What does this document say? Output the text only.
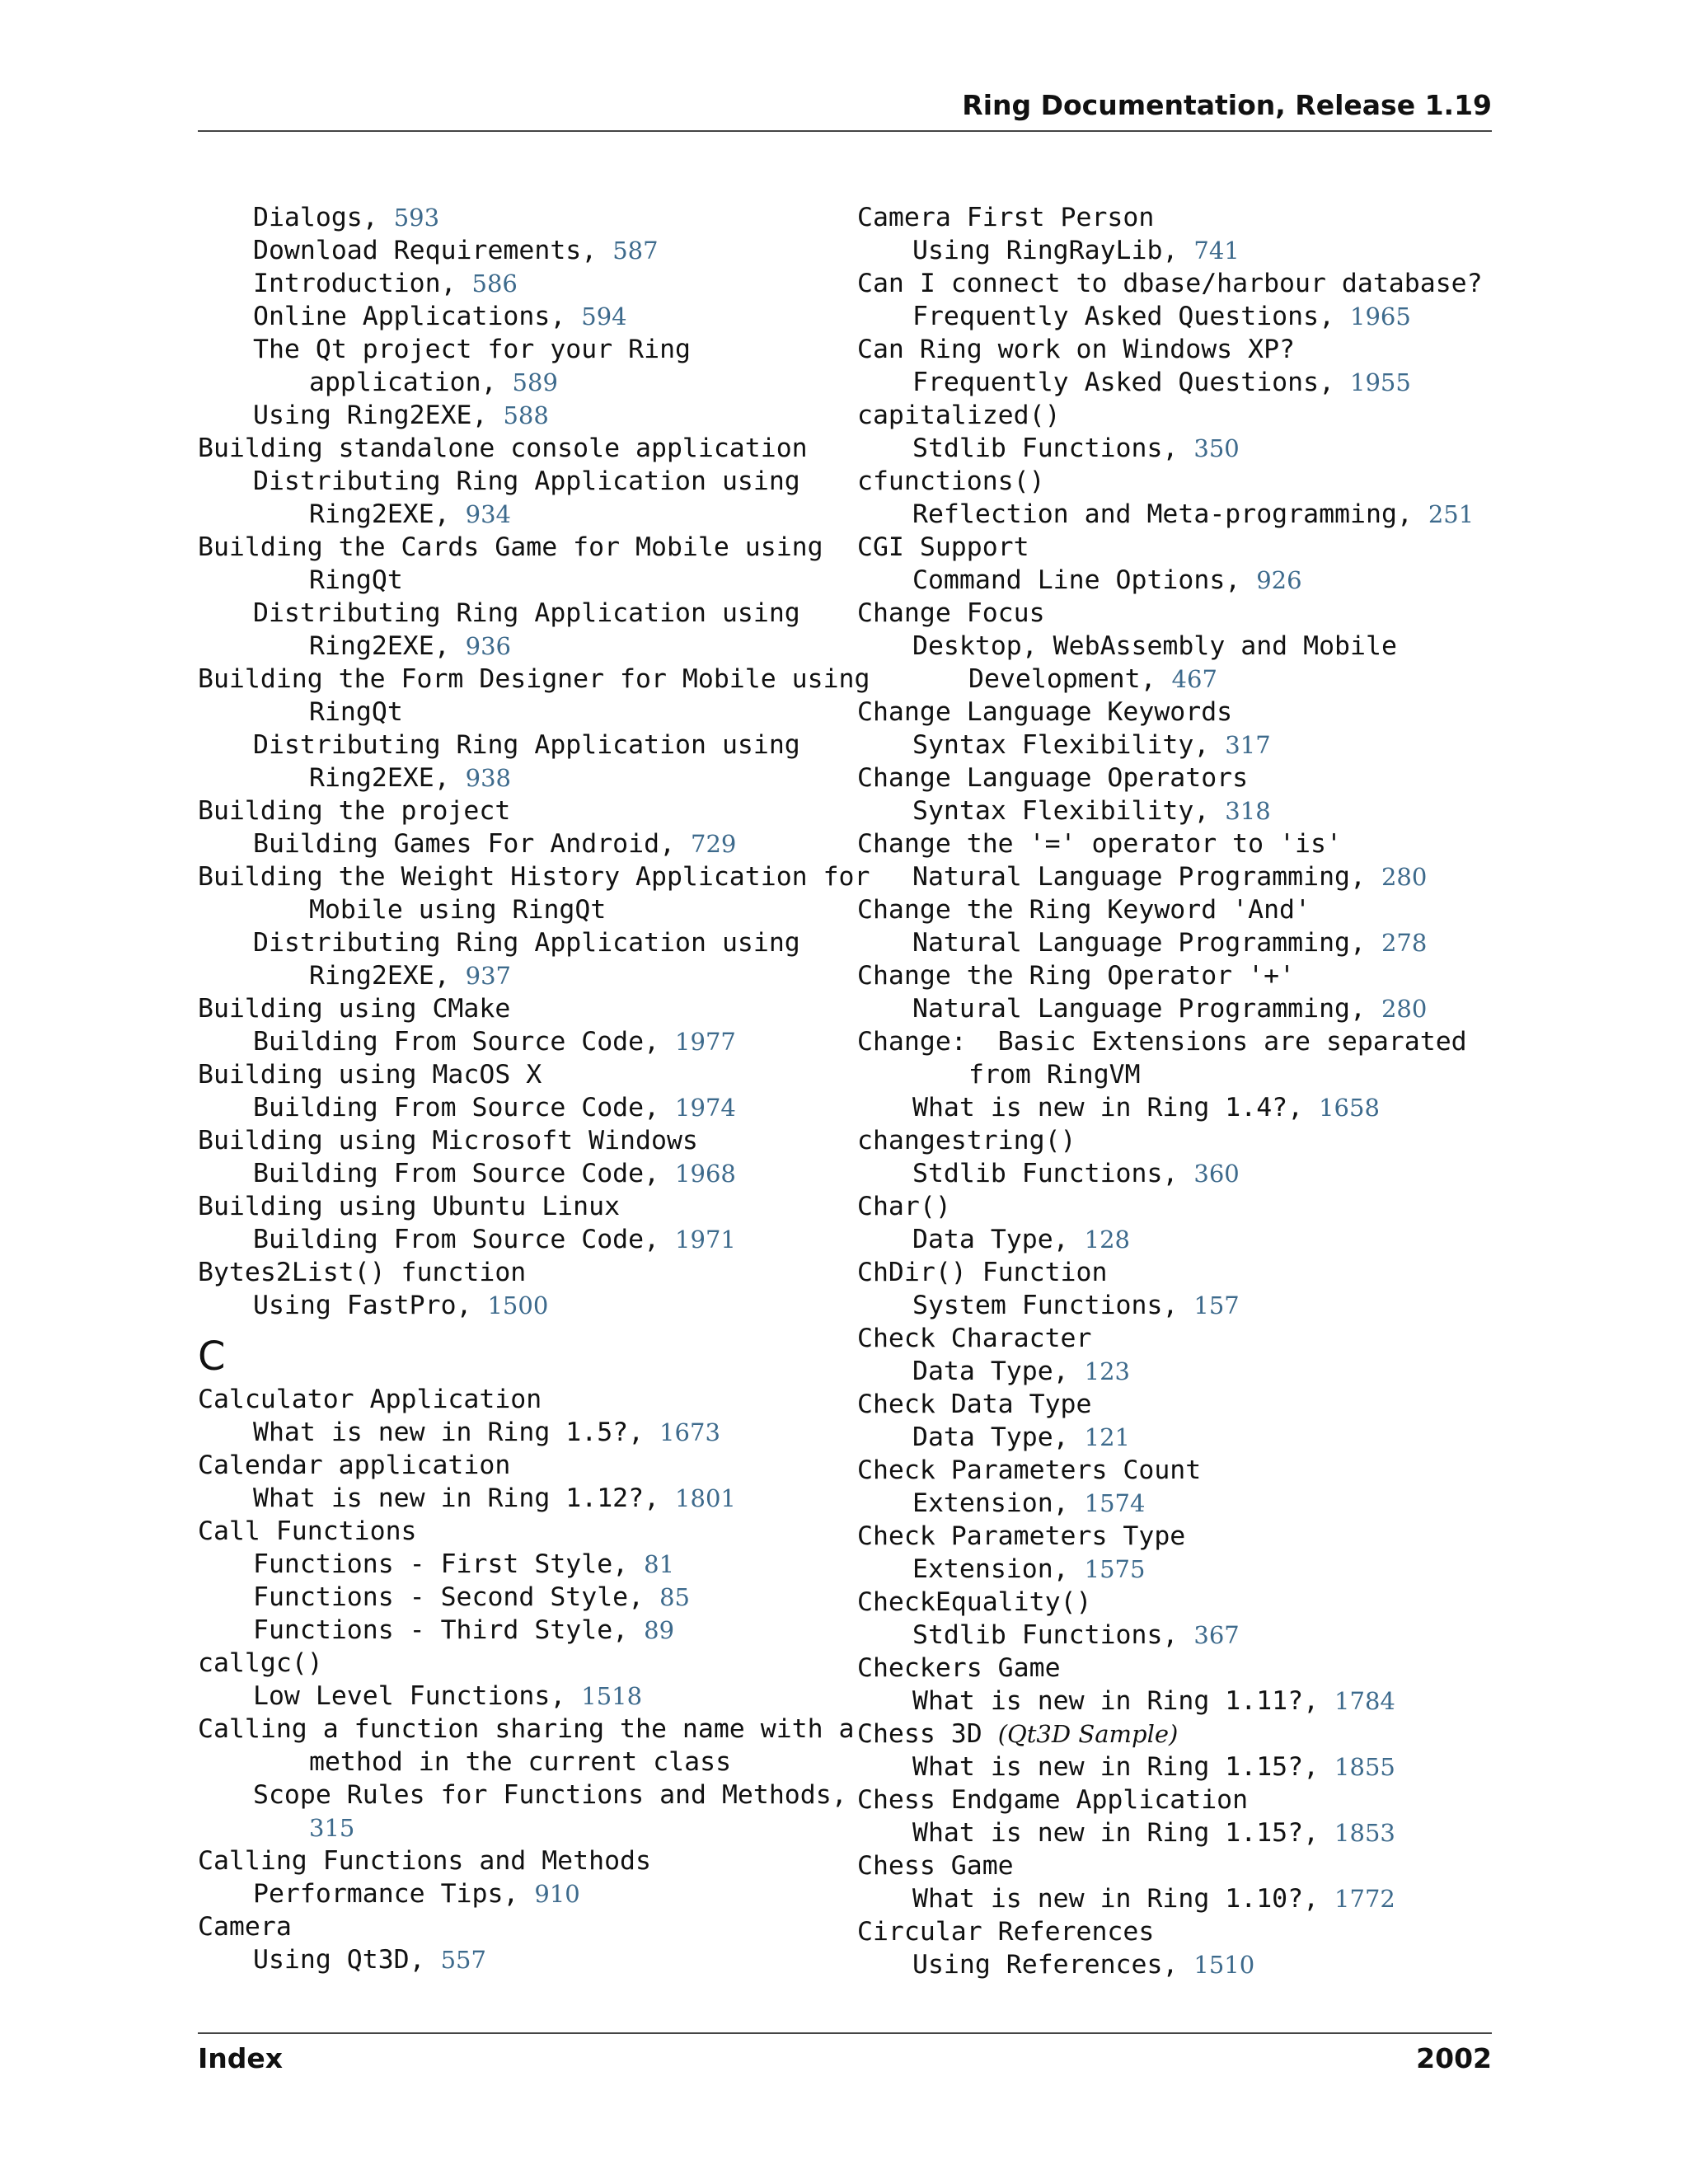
Ring Documentation, Release 1.19
Dialogs, 593
Download Requirements, 587
Introduction, 586
Online Applications, 594
The Qt project for your Ring
application, 589
Using Ring2EXE, 588
Building standalone console application
Distributing Ring Application using
Ring2EXE, 934
Building the Cards Game for Mobile using
RingQt
Distributing Ring Application using
Ring2EXE, 936
Building the Form Designer for Mobile using
RingQt
Distributing Ring Application using
Ring2EXE, 938
Building the project
Building Games For Android, 729
Building the Weight History Application for
Mobile using RingQt
Distributing Ring Application using
Ring2EXE, 937
Building using CMake
Building From Source Code, 1977
Building using MacOS X
Building From Source Code, 1974
Building using Microsoft Windows
Building From Source Code, 1968
Building using Ubuntu Linux
Building From Source Code, 1971
Bytes2List() function
Using FastPro, 1500
C
Calculator Application
What is new in Ring 1.5?, 1673
Calendar application
What is new in Ring 1.12?, 1801
Call Functions
Functions - First Style, 81
Functions - Second Style, 85
Functions - Third Style, 89
callgc()
Low Level Functions, 1518
Calling a function sharing the name with a
method in the current class
Scope Rules for Functions and Methods,
315
Calling Functions and Methods
Performance Tips, 910
Camera
Using Qt3D, 557
Camera First Person
Using RingRayLib, 741
Can I connect to dbase/harbour database?
Frequently Asked Questions, 1965
Can Ring work on Windows XP?
Frequently Asked Questions, 1955
capitalized()
Stdlib Functions, 350
cfunctions()
Reflection and Meta-programming, 251
CGI Support
Command Line Options, 926
Change Focus
Desktop, WebAssembly and Mobile
Development, 467
Change Language Keywords
Syntax Flexibility, 317
Change Language Operators
Syntax Flexibility, 318
Change the '=' operator to 'is'
Natural Language Programming, 280
Change the Ring Keyword 'And'
Natural Language Programming, 278
Change the Ring Operator '+'
Natural Language Programming, 280
Change:  Basic Extensions are separated
from RingVM
What is new in Ring 1.4?, 1658
changestring()
Stdlib Functions, 360
Char()
Data Type, 128
ChDir() Function
System Functions, 157
Check Character
Data Type, 123
Check Data Type
Data Type, 121
Check Parameters Count
Extension, 1574
Check Parameters Type
Extension, 1575
CheckEquality()
Stdlib Functions, 367
Checkers Game
What is new in Ring 1.11?, 1784
Chess 3D (Qt3D Sample)
What is new in Ring 1.15?, 1855
Chess Endgame Application
What is new in Ring 1.15?, 1853
Chess Game
What is new in Ring 1.10?, 1772
Circular References
Using References, 1510
Index	2002
